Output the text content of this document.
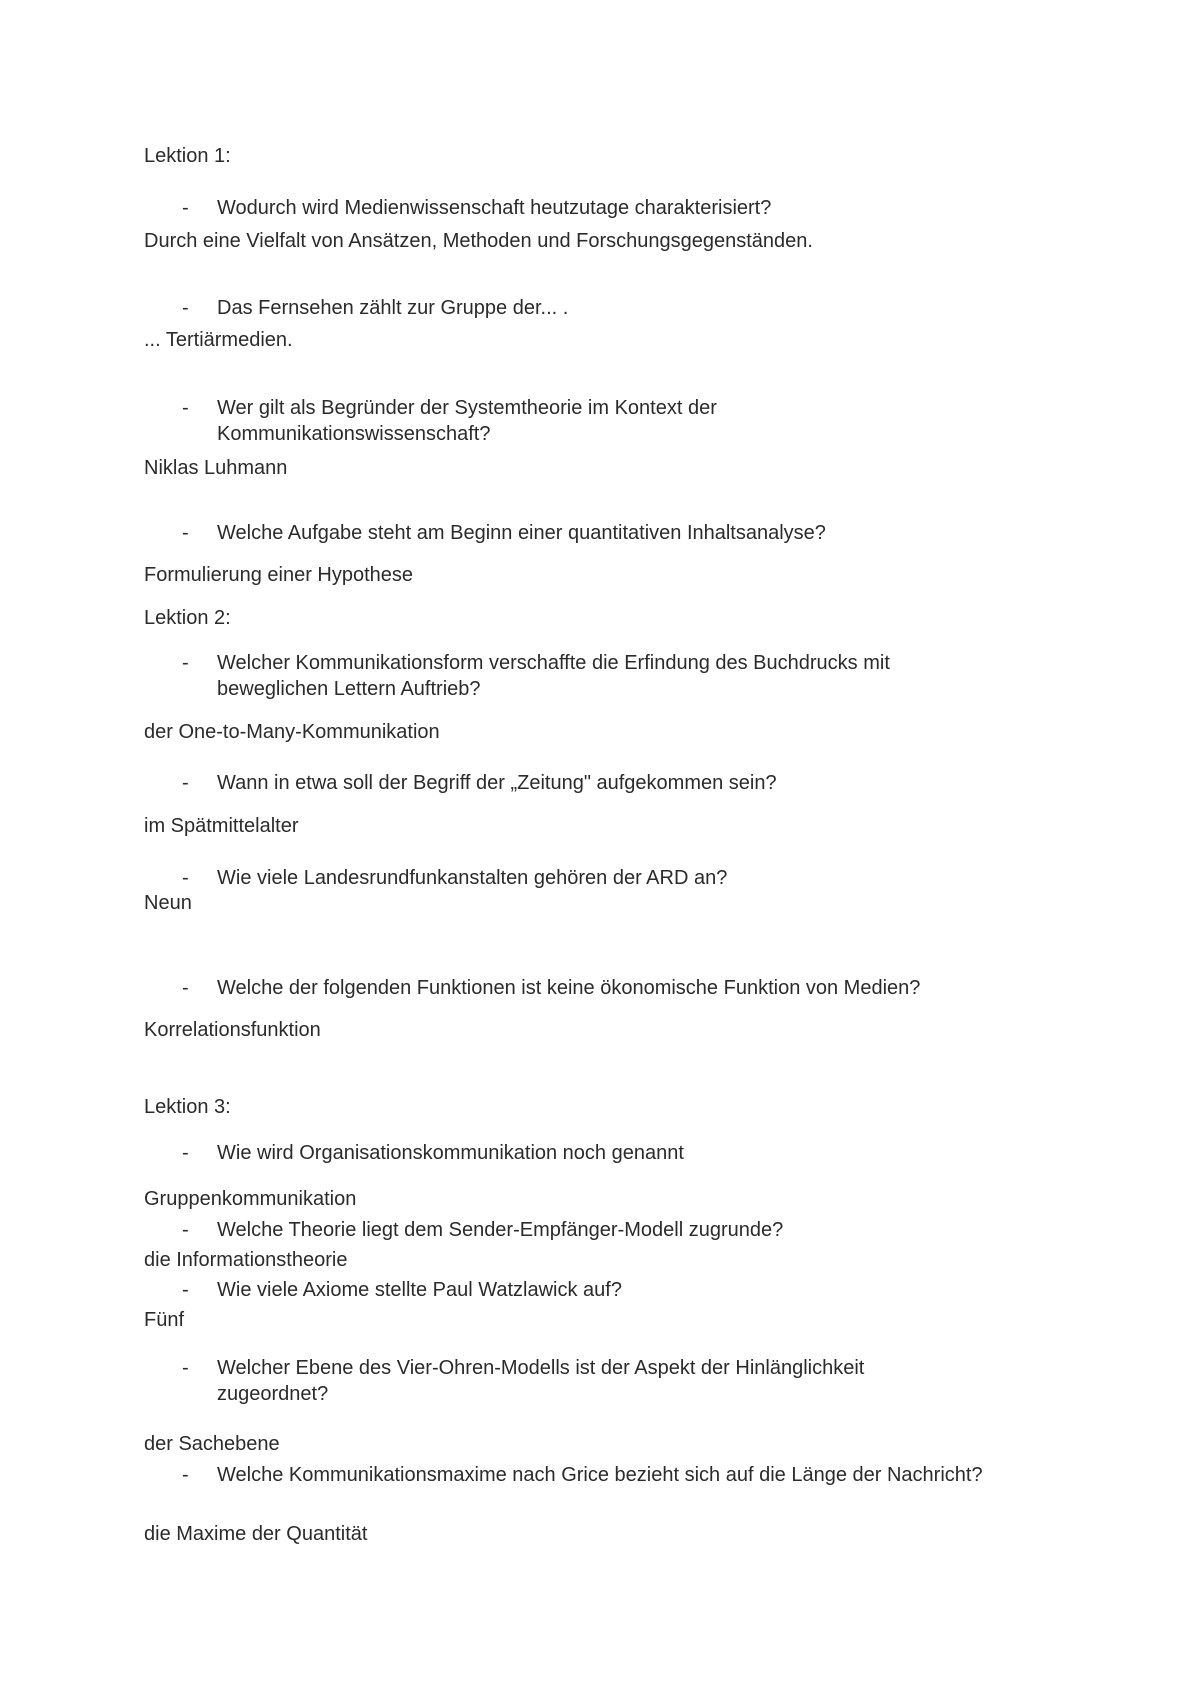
Lektion 1:
- Wodurch wird Medienwissenschaft heutzutage charakterisiert?
Durch eine Vielfalt von Ansätzen, Methoden und Forschungsgegenständen.
- Das Fernsehen zählt zur Gruppe der... .
... Tertiärmedien.
- Wer gilt als Begründer der Systemtheorie im Kontext der Kommunikationswissenschaft?
Niklas Luhmann
- Welche Aufgabe steht am Beginn einer quantitativen Inhaltsanalyse?
Formulierung einer Hypothese
Lektion 2:
- Welcher Kommunikationsform verschaffte die Erfindung des Buchdrucks mit beweglichen Lettern Auftrieb?
der One-to-Many-Kommunikation
- Wann in etwa soll der Begriff der „Zeitung" aufgekommen sein?
im Spätmittelalter
- Wie viele Landesrundfunkanstalten gehören der ARD an?
Neun
- Welche der folgenden Funktionen ist keine ökonomische Funktion von Medien?
Korrelationsfunktion
Lektion 3:
- Wie wird Organisationskommunikation noch genannt
Gruppenkommunikation
- Welche Theorie liegt dem Sender-Empfänger-Modell zugrunde?
die Informationstheorie
- Wie viele Axiome stellte Paul Watzlawick auf?
Fünf
- Welcher Ebene des Vier-Ohren-Modells ist der Aspekt der Hinlänglichkeit zugeordnet?
der Sachebene
- Welche Kommunikationsmaxime nach Grice bezieht sich auf die Länge der Nachricht?
die Maxime der Quantität
